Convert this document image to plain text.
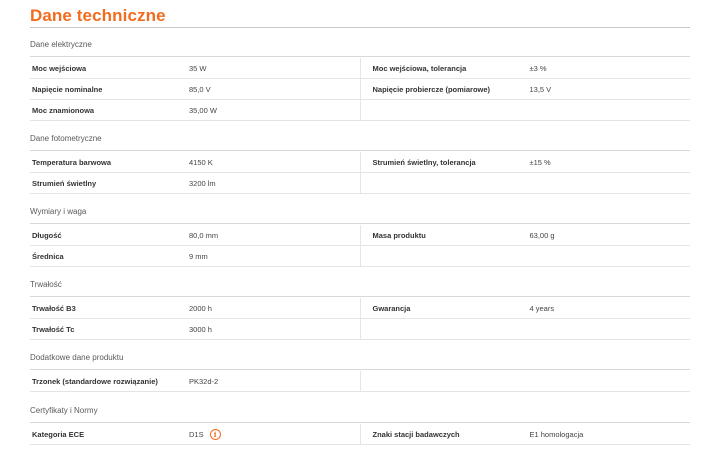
Dane techniczne
Dane elektryczne
Moc wejściowa	35 W	Moc wejściowa, tolerancja	±3 %
Napięcie nominalne	85,0 V	Napięcie probiercze (pomiarowe)	13,5 V
Moc znamionowa	35,00 W
Dane fotometryczne
Temperatura barwowa	4150 K	Strumień świetlny, tolerancja	±15 %
Strumień świetlny	3200 lm
Wymiary i waga
Długość	80,0 mm	Masa produktu	63,00 g
Średnica	9 mm
Trwałość
Trwałość B3	2000 h	Gwarancja	4 years
Trwałość Tc	3000 h
Dodatkowe dane produktu
Trzonek (standardowe rozwiązanie)	PK32d-2
Certyfikaty i Normy
Kategoria ECE	D1S	i	Znaki stacji badawczych	E1 homologacja
